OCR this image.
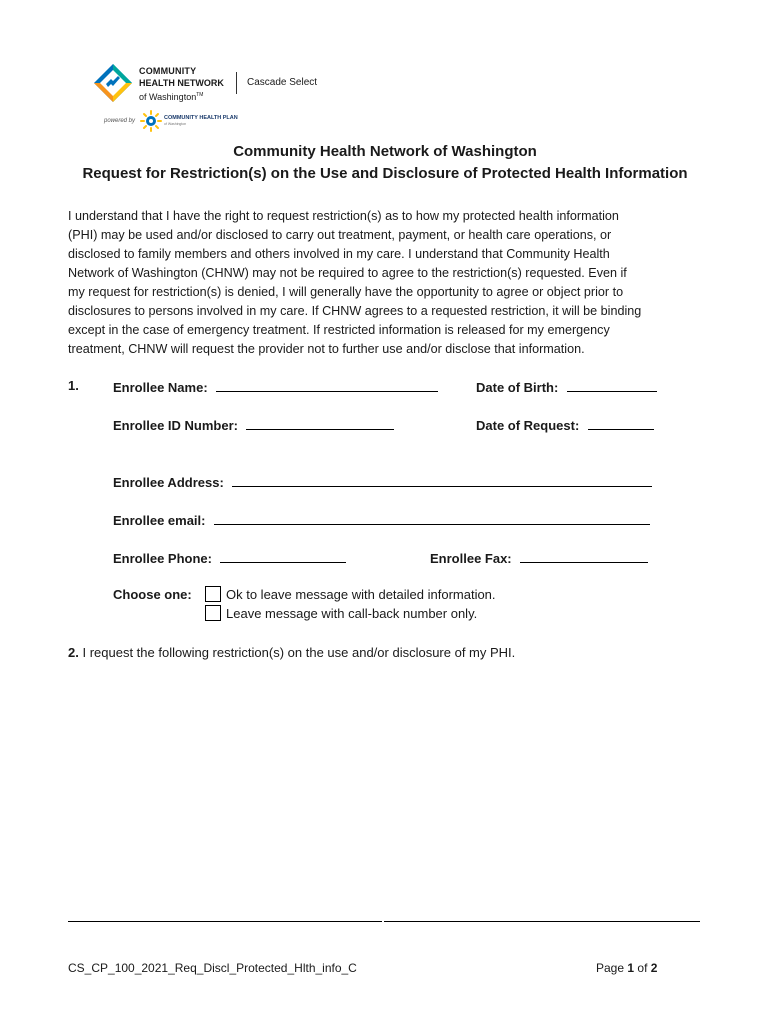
COMMUNITY
HEALTH NETWORK
of Washington™
Cascade Select
powered by	COMMUNITY HEALTH PLAN
of Washington
Community Health Network of Washington
Request for Restriction(s) on the Use and Disclosure of Protected Health Information

I understand that I have the right to request restriction(s) as to how my protected health information

(PHI) may be used and/or disclosed to carry out treatment, payment, or health care operations, or

disclosed to family members and others involved in my care. I understand that Community Health

Network of Washington (CHNW) may not be required to agree to the restriction(s) requested. Even if

my request for restriction(s) is denied, I will generally have the opportunity to agree or object prior to

disclosures to persons involved in my care. If CHNW agrees to a requested restriction, it will be binding

except in the case of emergency treatment. If restricted information is released for my emergency

treatment, CHNW will request the provider not to further use and/or disclose that information.

1.	Enrollee Name:	Date of Birth:
Enrollee ID Number:	Date of Request:
Enrollee Address:
Enrollee email:
Enrollee Phone:	Enrollee Fax:
Choose one:	Ok to leave message with detailed information.
Leave message with call-back number only.
2. I request the following restriction(s) on the use and/or disclosure of my PHI.
CS_CP_100_2021_Req_Discl_Protected_Hlth_info_C	Page 1 of 2
